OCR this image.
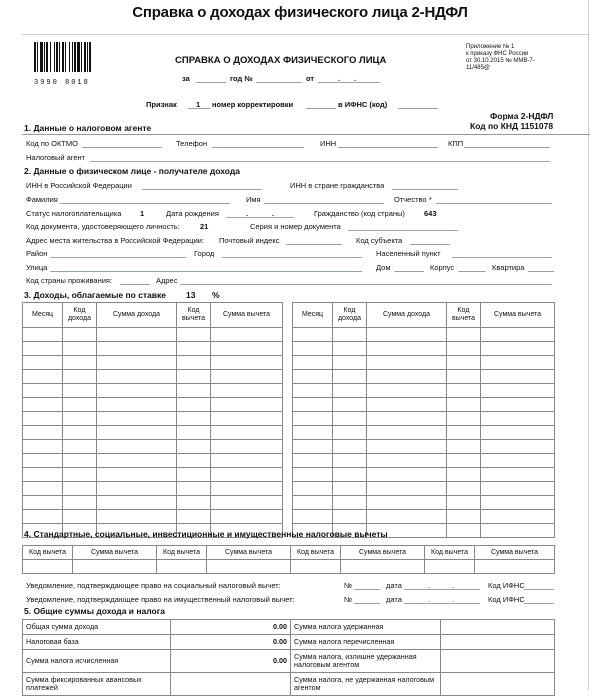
Справка о доходах физического лица 2-НДФЛ
3990 8018
СПРАВКА О ДОХОДАХ ФИЗИЧЕСКОГО ЛИЦА
за	год №	от	. .
Приложение № 1
к приказу ФНС России
от 30.10.2015 № ММВ-7-
11/485@
Признак	1 номер корректировки	в ИФНС (код)
Форма 2-НДФЛ
Код по КНД 1151078
1. Данные о налоговом агенте
Код по ОКТМО	Телефон	ИНН	КПП
Налоговый агент
2. Данные о физическом лице - получателе дохода
ИНН в Российской Федерации	ИНН в стране гражданства
Фамилия	Имя	Отчество *
Статус налогоплательщика 1	Дата рождения	.	.	Гражданство (код страны)	643
Код документа, удостоверяющего личность:	21	Серия и номер документа
Адрес места жительства в Российской Федерации: Почтовый индекс	Код субъекта
Район	Город	Населенный пункт
Улица	Дом	Корпус	Квартира
Код страны проживания:	Адрес
3. Доходы, облагаемые по ставке 13 %
Месяц	Код дохода	Сумма дохода	Код вычета	Сумма вычета

					Месяц	Код дохода	Сумма дохода	Код вычета	Сумма вычета

4. Стандартные, социальные, инвестиционные и имущественные налоговые вычеты
Код вычета	Сумма вычета	Код вычета	Сумма вычета	Код вычета	Сумма вычета	Код вычета	Сумма вычета

Уведомление, подтверждающее право на социальный налоговый вычет:	№	дата	.	.	Код ИФНС
Уведомление, подтверждающее право на имущественный налоговый вычет:	№	дата	.	.	Код ИФНС
5. Общие суммы дохода и налога
Общая сумма дохода	0.00	Сумма налога удержанная	
Налоговая база	0.00	Сумма налога перечисленная	
Сумма налога исчисленная	0.00	Сумма налога, излишне удержанная налоговым агентом	
Сумма фиксированных авансовых платежей		Сумма налога, не удержанная налоговым агентом	
